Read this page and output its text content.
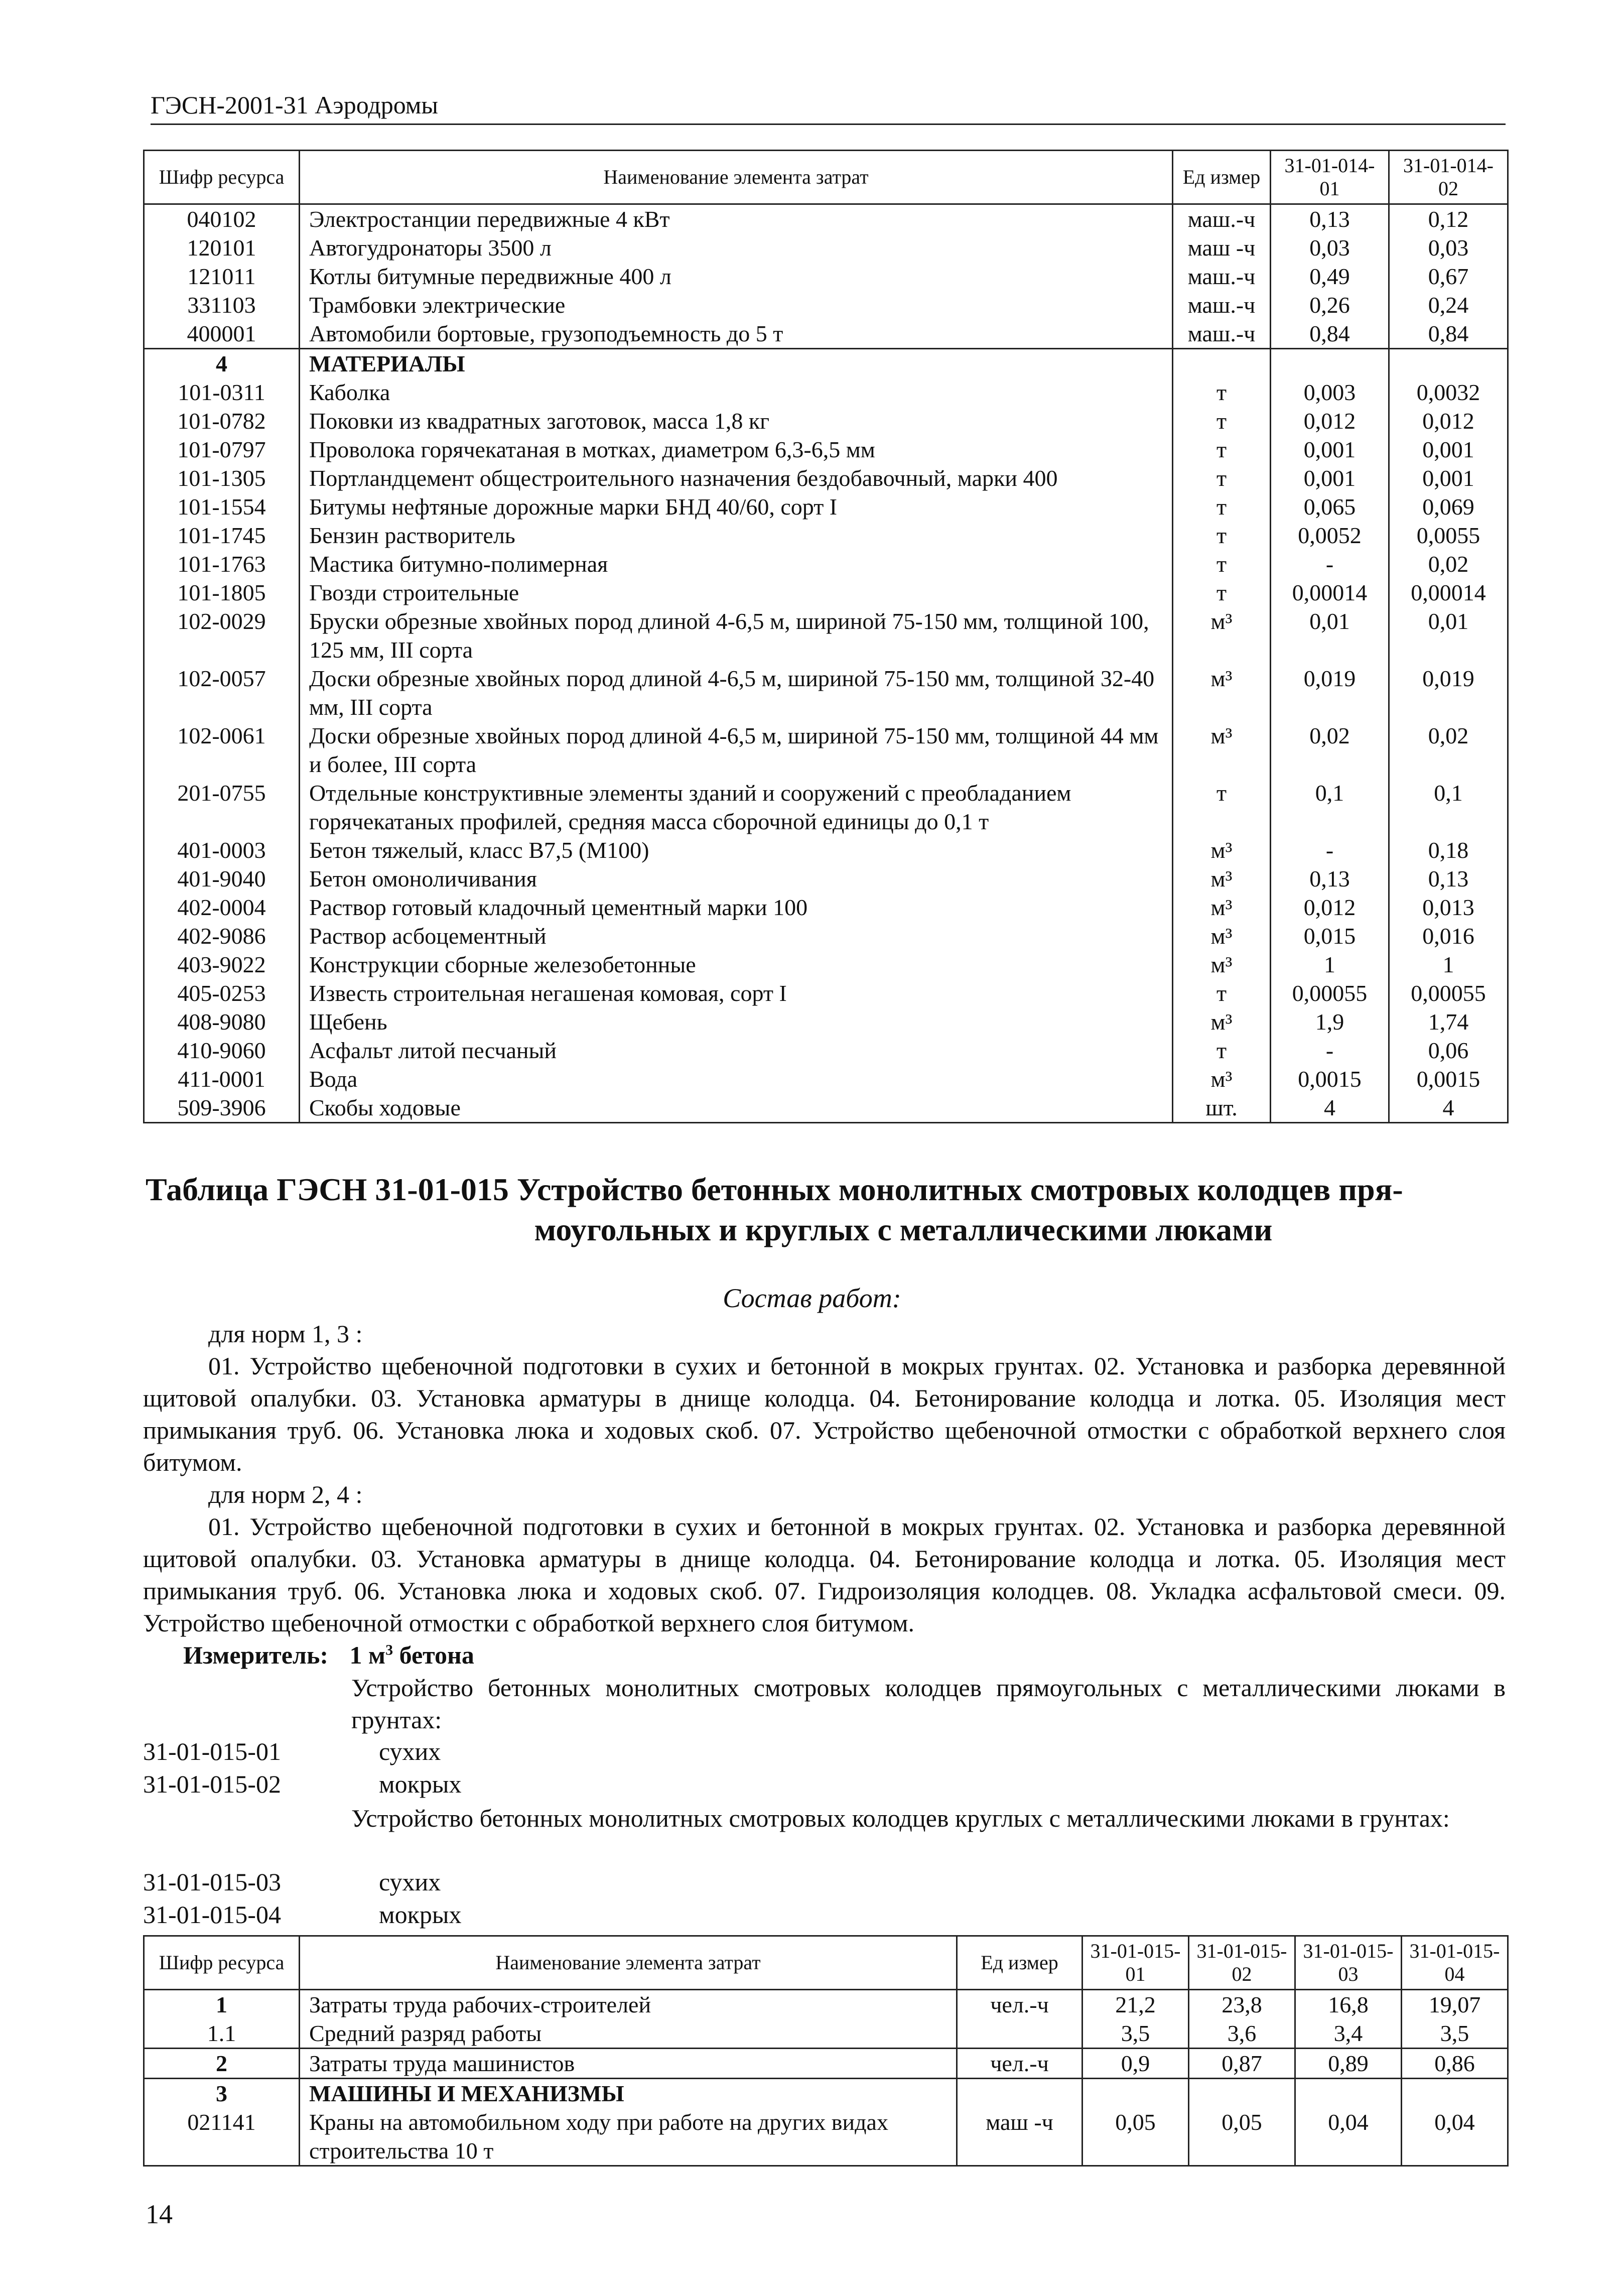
ГЭСН-2001-31 Аэродромы
Шифр ресурса	Наименование элемента затрат	Ед измер	31-01-014-01	31-01-014-02
040102	Электростанции передвижные 4 кВт	маш.-ч	0,13	0,12
120101	Автогудронаторы 3500 л	маш -ч	0,03	0,03
121011	Котлы битумные передвижные 400 л	маш.-ч	0,49	0,67
331103	Трамбовки электрические	маш.-ч	0,26	0,24
400001	Автомобили бортовые, грузоподъемность до 5 т	маш.-ч	0,84	0,84
4	МАТЕРИАЛЫ			
101-0311	Каболка	т	0,003	0,0032
101-0782	Поковки из квадратных заготовок, масса 1,8 кг	т	0,012	0,012
101-0797	Проволока горячекатаная в мотках, диаметром 6,3-6,5 мм	т	0,001	0,001
101-1305	Портландцемент общестроительного назначения бездобавочный, марки 400	т	0,001	0,001
101-1554	Битумы нефтяные дорожные марки БНД 40/60, сорт I	т	0,065	0,069
101-1745	Бензин растворитель	т	0,0052	0,0055
101-1763	Мастика битумно-полимерная	т	-	0,02
101-1805	Гвозди строительные	т	0,00014	0,00014
102-0029	Бруски обрезные хвойных пород длиной 4-6,5 м, шириной 75-150 мм, толщиной 100, 125 мм, III сорта	м³	0,01	0,01
102-0057	Доски обрезные хвойных пород длиной 4-6,5 м, шириной 75-150 мм, толщиной 32-40 мм, III сорта	м³	0,019	0,019
102-0061	Доски обрезные хвойных пород длиной 4-6,5 м, шириной 75-150 мм, толщиной 44 мм и более, III сорта	м³	0,02	0,02
201-0755	Отдельные конструктивные элементы зданий и сооружений с преобладанием горячекатаных профилей, средняя масса сборочной единицы до 0,1 т	т	0,1	0,1
401-0003	Бетон тяжелый, класс В7,5 (М100)	м³	-	0,18
401-9040	Бетон омоноличивания	м³	0,13	0,13
402-0004	Раствор готовый кладочный цементный марки 100	м³	0,012	0,013
402-9086	Раствор асбоцементный	м³	0,015	0,016
403-9022	Конструкции сборные железобетонные	м³	1	1
405-0253	Известь строительная негашеная комовая, сорт I	т	0,00055	0,00055
408-9080	Щебень	м³	1,9	1,74
410-9060	Асфальт литой песчаный	т	-	0,06
411-0001	Вода	м³	0,0015	0,0015
509-3906	Скобы ходовые	шт.	4	4
Таблица ГЭСН 31-01-015 Устройство бетонных монолитных смотровых колодцев пря-
моугольных и круглых с металлическими люками
Состав работ:
для норм 1, 3 :
01. Устройство щебеночной подготовки в сухих и бетонной в мокрых грунтах. 02. Установка и разборка деревянной щитовой опалубки. 03. Установка арматуры в днище колодца. 04. Бетонирование колодца и лотка. 05. Изоляция мест примыкания труб. 06. Установка люка и ходовых скоб. 07. Устройство щебеночной отмостки с обработкой верхнего слоя битумом.
для норм 2, 4 :
01. Устройство щебеночной подготовки в сухих и бетонной в мокрых грунтах. 02. Установка и разборка деревянной щитовой опалубки. 03. Установка арматуры в днище колодца. 04. Бетонирование колодца и лотка. 05. Изоляция мест примыкания труб. 06. Установка люка и ходовых скоб. 07. Гидроизоляция колодцев. 08. Укладка асфальтовой смеси. 09. Устройство щебеночной отмостки с обработкой верхнего слоя битумом.
Измеритель: 1 $м^3$ бетона
Устройство бетонных монолитных смотровых колодцев прямоугольных с металлическими люками в грунтах:
31-01-015-01	сухих
31-01-015-02	мокрых
Устройство бетонных монолитных смотровых колодцев круглых с металлическими люками в грунтах:
31-01-015-03	сухих
31-01-015-04	мокрых
Шифр ресурса	Наименование элемента затрат	Ед измер	31-01-015-01	31-01-015-02	31-01-015-03	31-01-015-04
1	Затраты труда рабочих-строителей	чел.-ч	21,2	23,8	16,8	19,07
1.1	Средний разряд работы		3,5	3,6	3,4	3,5
2	Затраты труда машинистов	чел.-ч	0,9	0,87	0,89	0,86
3	МАШИНЫ И МЕХАНИЗМЫ					
021141	Краны на автомобильном ходу при работе на других видах строительства 10 т	маш -ч	0,05	0,05	0,04	0,04
14
